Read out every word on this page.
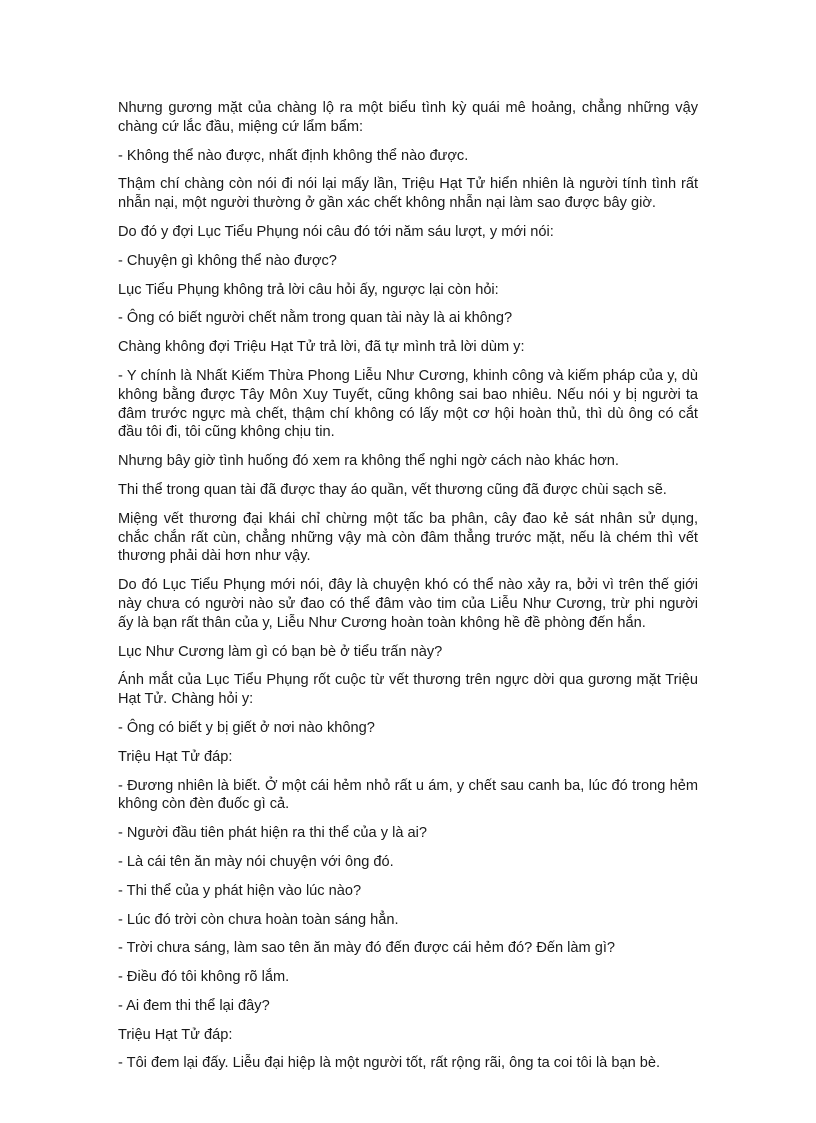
Nhưng gương mặt của chàng lộ ra một biểu tình kỳ quái mê hoảng, chẳng những vậy chàng cứ lắc đầu, miệng cứ lẩm bẩm:

- Không thể nào được, nhất định không thể nào được.

Thậm chí chàng còn nói đi nói lại mấy lần, Triệu Hạt Tử hiển nhiên là người tính tình rất nhẫn nại, một người thường ở gần xác chết không nhẫn nại làm sao được bây giờ.

Do đó y đợi Lục Tiểu Phụng nói câu đó tới năm sáu lượt, y mới nói:

- Chuyện gì không thể nào được?

Lục Tiểu Phụng không trả lời câu hỏi ấy, ngược lại còn hỏi:

- Ông có biết người chết nằm trong quan tài này là ai không?

Chàng không đợi Triệu Hạt Tử trả lời, đã tự mình trả lời dùm y:

- Y chính là Nhất Kiếm Thừa Phong Liễu Như Cương, khinh công và kiếm pháp của y, dù không bằng được Tây Môn Xuy Tuyết, cũng không sai bao nhiêu. Nếu nói y bị người ta đâm trước ngực mà chết, thậm chí không có lấy một cơ hội hoàn thủ, thì dù ông có cắt đầu tôi đi, tôi cũng không chịu tin.

Nhưng bây giờ tình huống đó xem ra không thể nghi ngờ cách nào khác hơn.

Thi thể trong quan tài đã được thay áo quần, vết thương cũng đã được chùi sạch sẽ.

Miệng vết thương đại khái chỉ chừng một tấc ba phân, cây đao kẻ sát nhân sử dụng, chắc chắn rất cùn, chẳng những vậy mà còn đâm thẳng trước mặt, nếu là chém thì vết thương phải dài hơn như vậy.

Do đó Lục Tiểu Phụng mới nói, đây là chuyện khó có thể nào xảy ra, bởi vì trên thế giới này chưa có người nào sử đao có thể đâm vào tim của Liễu Như Cương, trừ phi người ấy là bạn rất thân của y, Liễu Như Cương hoàn toàn không hề đề phòng đến hắn.

Lục Như Cương làm gì có bạn bè ở tiểu trấn này?

Ánh mắt của Lục Tiểu Phụng rốt cuộc từ vết thương trên ngực dời qua gương mặt Triệu Hạt Tử. Chàng hỏi y:

- Ông có biết y bị giết ở nơi nào không?

Triệu Hạt Tử đáp:

- Đương nhiên là biết. Ở một cái hẻm nhỏ rất u ám, y chết sau canh ba, lúc đó trong hẻm không còn đèn đuốc gì cả.

- Người đầu tiên phát hiện ra thi thể của y là ai?

- Là cái tên ăn mày nói chuyện với ông đó.

- Thi thể của y phát hiện vào lúc nào?

- Lúc đó trời còn chưa hoàn toàn sáng hẳn.

- Trời chưa sáng, làm sao tên ăn mày đó đến được cái hẻm đó? Đến làm gì?

- Điều đó tôi không rõ lắm.

- Ai đem thi thể lại đây?

Triệu Hạt Tử đáp:

- Tôi đem lại đấy. Liễu đại hiệp là một người tốt, rất rộng rãi, ông ta coi tôi là bạn bè.
